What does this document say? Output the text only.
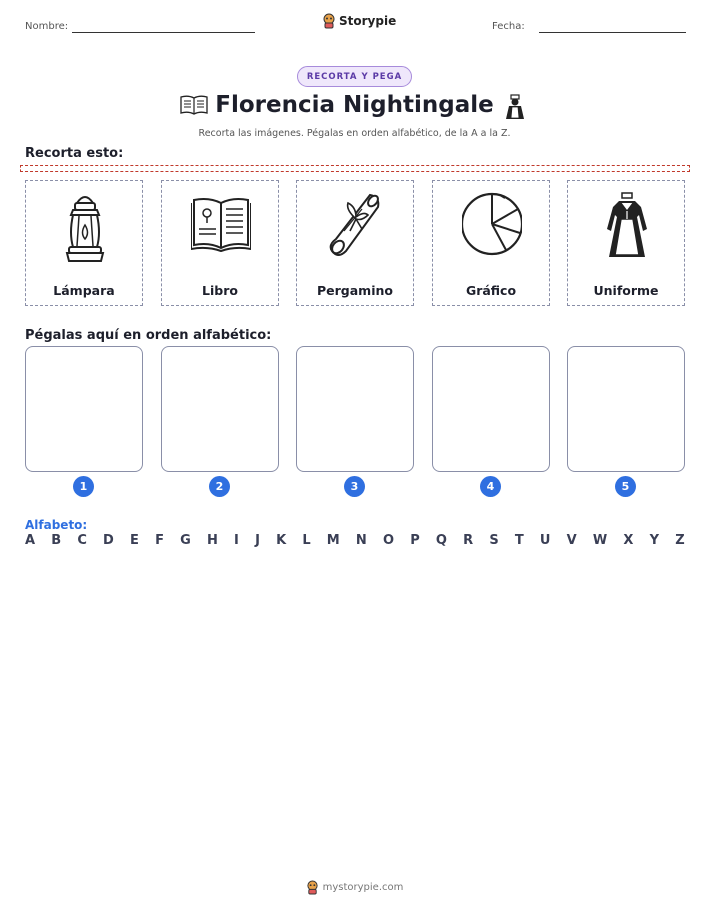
Nombre:	Storypie	Fecha:
RECORTA Y PEGA
Florencia Nightingale
Recorta las imágenes. Pégalas en orden alfabético, de la A a la Z.
Recorta esto:
Lámpara	Libro	Pergamino	Gráfico	Uniforme
Pégalas aquí en orden alfabético:
1	2	3	4	5
Alfabeto:
A B C D E F G H I J K L M N O P Q R S T U V W X Y Z
mystorypie.com
